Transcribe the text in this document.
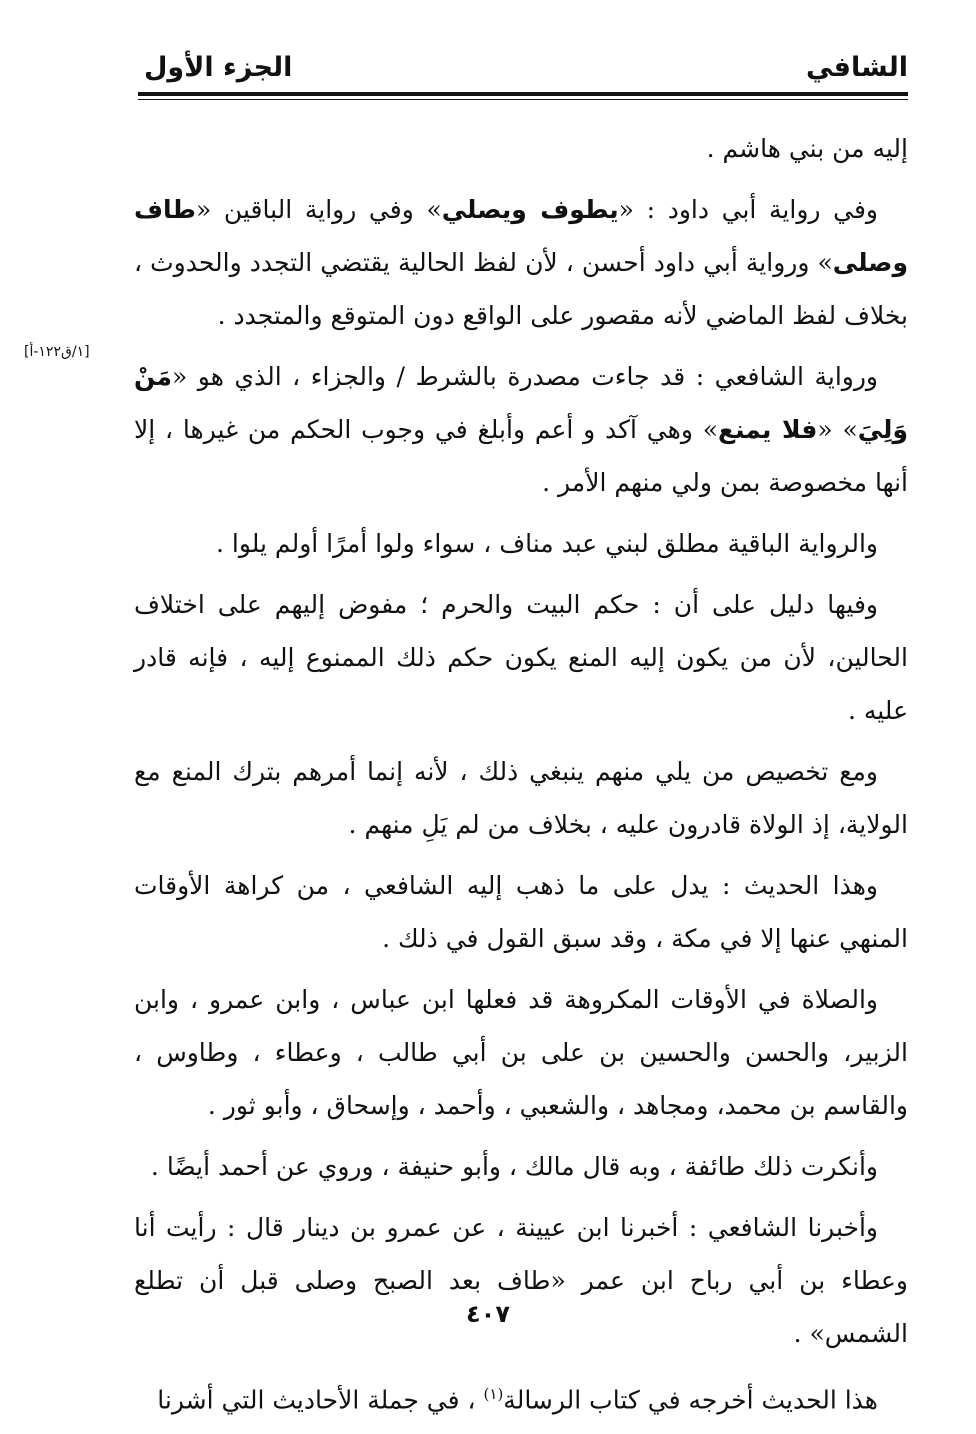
الشافي
الجزء الأول
[١/ق١٢٢-أ]

إليه من بني هاشم .

وفي رواية أبي داود : «يطوف ويصلي» وفي رواية الباقين «طاف وصلى» ورواية أبي داود أحسن ، لأن لفظ الحالية يقتضي التجدد والحدوث ، بخلاف لفظ الماضي لأنه مقصور على الواقع دون المتوقع والمتجدد .

ورواية الشافعي : قد جاءت مصدرة بالشرط / والجزاء ، الذي هو «مَنْ وَلِيَ» «فلا يمنع» وهي آكد و أعم وأبلغ في وجوب الحكم من غيرها ، إلا أنها مخصوصة بمن ولي منهم الأمر .

والرواية الباقية مطلق لبني عبد مناف ، سواء ولوا أمرًا أولم يلوا .

وفيها دليل على أن : حكم البيت والحرم ؛ مفوض إليهم على اختلاف الحالين، لأن من يكون إليه المنع يكون حكم ذلك الممنوع إليه ، فإنه قادر عليه .

ومع تخصيص من يلي منهم ينبغي ذلك ، لأنه إنما أمرهم بترك المنع مع الولاية، إذ الولاة قادرون عليه ، بخلاف من لم يَلِ منهم .

وهذا الحديث : يدل على ما ذهب إليه الشافعي ، من كراهة الأوقات المنهي عنها إلا في مكة ، وقد سبق القول في ذلك .

والصلاة في الأوقات المكروهة قد فعلها ابن عباس ، وابن عمرو ، وابن الزبير، والحسن والحسين بن على بن أبي طالب ، وعطاء ، وطاوس ، والقاسم بن محمد، ومجاهد ، والشعبي ، وأحمد ، وإسحاق ، وأبو ثور .

وأنكرت ذلك طائفة ، وبه قال مالك ، وأبو حنيفة ، وروي عن أحمد أيضًا .

وأخبرنا الشافعي : أخبرنا ابن عيينة ، عن عمرو بن دينار قال : رأيت أنا وعطاء بن أبي رباح ابن عمر «طاف بعد الصبح وصلى قبل أن تطلع الشمس» .

هذا الحديث أخرجه في كتاب الرسالة$^{(١)}$ ، في جملة الأحاديث التي أشرنا

٤٠٧
